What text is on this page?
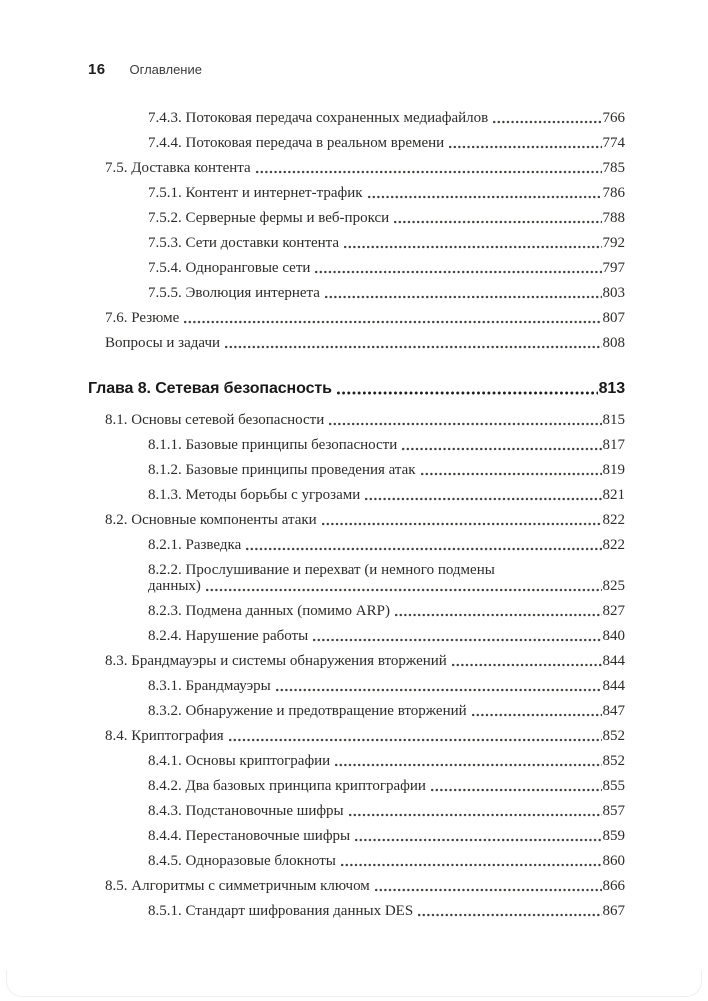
16 Оглавление
7.4.3. Потоковая передача сохраненных медиафайлов	766
7.4.4. Потоковая передача в реальном времени	774
7.5. Доставка контента	785
7.5.1. Контент и интернет-трафик	786
7.5.2. Серверные фермы и веб-прокси	788
7.5.3. Сети доставки контента	792
7.5.4. Одноранговые сети	797
7.5.5. Эволюция интернета	803
7.6. Резюме	807
Вопросы и задачи	808
Глава 8. Сетевая безопасность	813
8.1. Основы сетевой безопасности	815
8.1.1. Базовые принципы безопасности	817
8.1.2. Базовые принципы проведения атак	819
8.1.3. Методы борьбы с угрозами	821
8.2. Основные компоненты атаки	822
8.2.1. Разведка	822
8.2.2. Прослушивание и перехват (и немного подмены
данных)	825
8.2.3. Подмена данных (помимо ARP)	827
8.2.4. Нарушение работы	840
8.3. Брандмауэры и системы обнаружения вторжений	844
8.3.1. Брандмауэры	844
8.3.2. Обнаружение и предотвращение вторжений	847
8.4. Криптография	852
8.4.1. Основы криптографии	852
8.4.2. Два базовых принципа криптографии	855
8.4.3. Подстановочные шифры	857
8.4.4. Перестановочные шифры	859
8.4.5. Одноразовые блокноты	860
8.5. Алгоритмы с симметричным ключом	866
8.5.1. Стандарт шифрования данных DES	867
